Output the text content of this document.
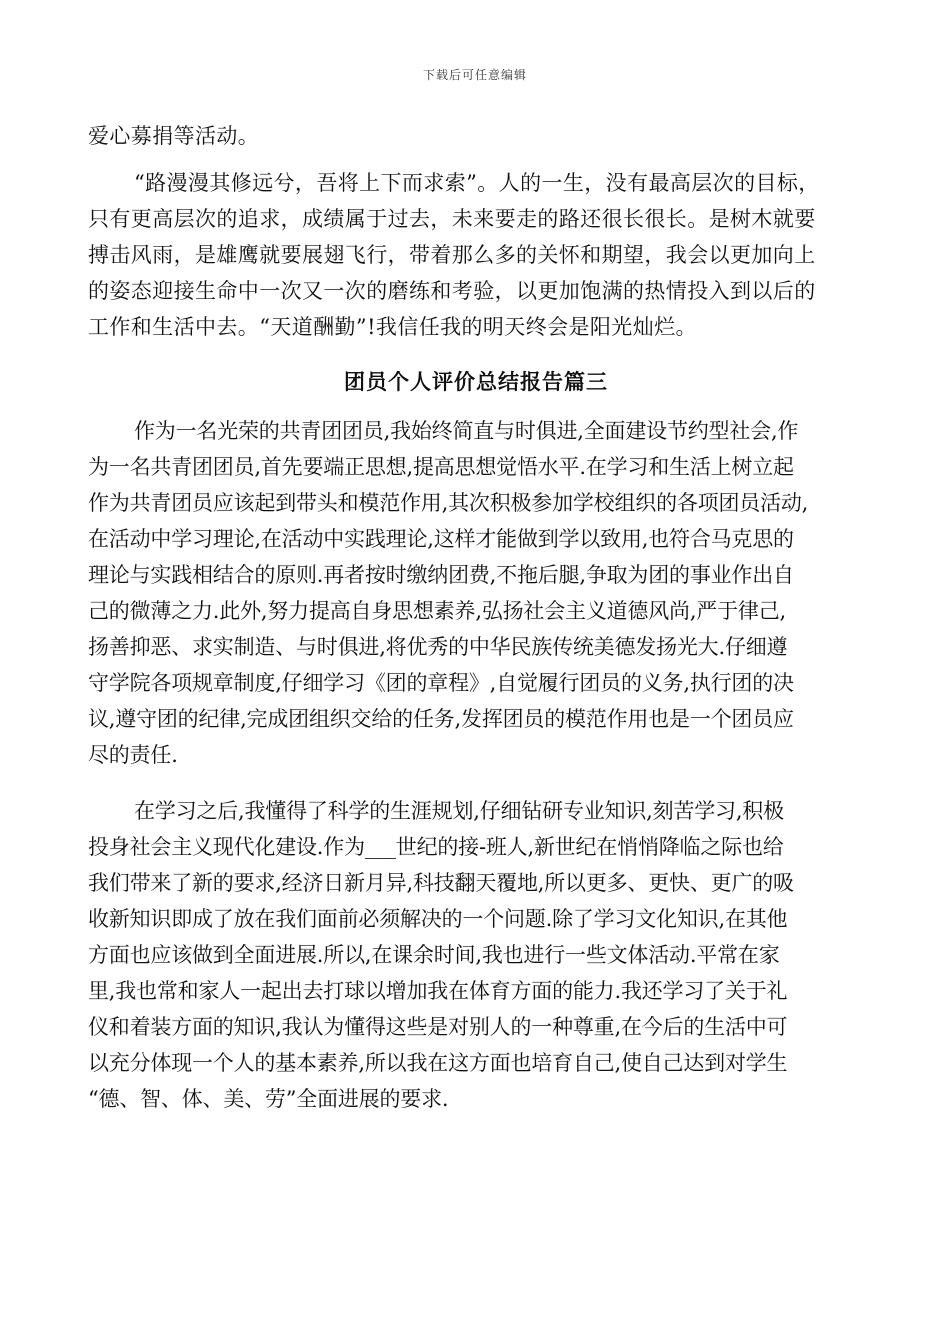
下载后可任意编辑
爱心募捐等活动。
“路漫漫其修远兮，吾将上下而求索”。人的一生，没有最高层次的目标，
只有更高层次的追求，成绩属于过去，未来要走的路还很长很长。是树木就要
搏击风雨，是雄鹰就要展翅飞行，带着那么多的关怀和期望，我会以更加向上
的姿态迎接生命中一次又一次的磨练和考验，以更加饱满的热情投入到以后的
工作和生活中去。“天道酬勤”!我信任我的明天终会是阳光灿烂。
团员个人评价总结报告篇三
作为一名光荣的共青团团员,我始终简直与时俱进,全面建设节约型社会,作
为一名共青团团员,首先要端正思想,提高思想觉悟水平.在学习和生活上树立起
作为共青团员应该起到带头和模范作用,其次积极参加学校组织的各项团员活动,
在活动中学习理论,在活动中实践理论,这样才能做到学以致用,也符合马克思的
理论与实践相结合的原则.再者按时缴纳团费,不拖后腿,争取为团的事业作出自
己的微薄之力.此外,努力提高自身思想素养,弘扬社会主义道德风尚,严于律己,
扬善抑恶、求实制造、与时俱进,将优秀的中华民族传统美德发扬光大.仔细遵
守学院各项规章制度,仔细学习《团的章程》,自觉履行团员的义务,执行团的决
议,遵守团的纪律,完成团组织交给的任务,发挥团员的模范作用也是一个团员应
尽的责任.
在学习之后,我懂得了科学的生涯规划,仔细钻研专业知识,刻苦学习,积极
投身社会主义现代化建设.作为___世纪的接-班人,新世纪在悄悄降临之际也给
我们带来了新的要求,经济日新月异,科技翻天覆地,所以更多、更快、更广的吸
收新知识即成了放在我们面前必须解决的一个问题.除了学习文化知识,在其他
方面也应该做到全面进展.所以,在课余时间,我也进行一些文体活动.平常在家
里,我也常和家人一起出去打球以增加我在体育方面的能力.我还学习了关于礼
仪和着装方面的知识,我认为懂得这些是对别人的一种尊重,在今后的生活中可
以充分体现一个人的基本素养,所以我在这方面也培育自己,使自己达到对学生
“德、智、体、美、劳”全面进展的要求.
